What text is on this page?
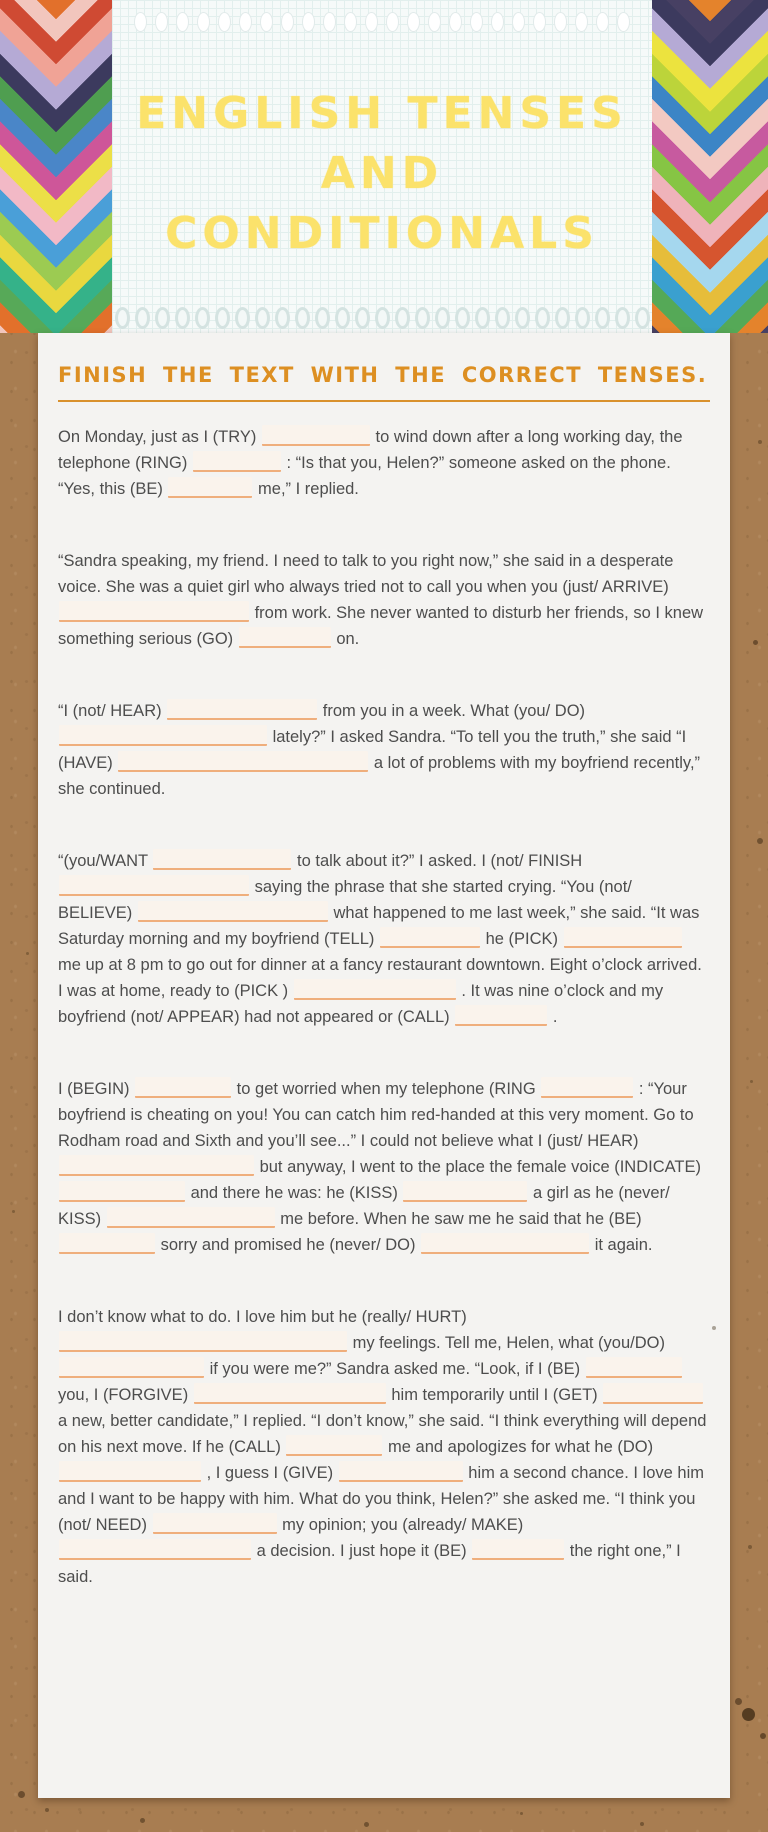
ENGLISH TENSES AND
CONDITIONALS
FINISH THE TEXT WITH THE CORRECT TENSES.

On Monday, just as I (TRY)	to wind down after a long working day, the telephone (RING)	: “Is that you, Helen?” someone asked on the phone. “Yes, this (BE)	me,” I replied.

“Sandra speaking, my friend. I need to talk to you right now,” she said in a desperate voice. She was a quiet girl who always tried not to call you when you (just/ ARRIVE)  from work. She never wanted to disturb her friends, so I knew something serious (GO)	on.

“I (not/ HEAR)	from you in a week. What (you/ DO)  lately?” I asked Sandra. “To tell you the truth,” she said “I (HAVE)	a lot of problems with my boyfriend recently,” she continued.

“(you/WANT	to talk about it?” I asked. I (not/ FINISH  saying the phrase that she started crying. “You (not/ BELIEVE)	what happened to me last week,” she said. “It was Saturday morning and my boyfriend (TELL)	he (PICK)  me up at 8 pm to go out for dinner at a fancy restaurant downtown. Eight o’clock arrived. I was at home, ready to (PICK )	. It was nine o’clock and my boyfriend (not/ APPEAR) had not appeared or (CALL)	.

I (BEGIN)	to get worried when my telephone (RING	: “Your boyfriend is cheating on you! You can catch him red-handed at this very moment. Go to Rodham road and Sixth and you’ll see...” I could not believe what I (just/ HEAR)  but anyway, I went to the place the female voice (INDICATE)  and there he was: he (KISS)	a girl as he (never/ KISS)	me before. When he saw me he said that he (BE)  sorry and promised he (never/ DO)	it again.

I don’t know what to do. I love him but he (really/ HURT)  my feelings. Tell me, Helen, what (you/DO)  if you were me?” Sandra asked me. “Look, if I (BE)  you, I (FORGIVE)	him temporarily until I (GET)  a new, better candidate,” I replied. “I don’t know,” she said. “I think everything will depend on his next move. If he (CALL)	me and apologizes for what he (DO)  , I guess I (GIVE)	him a second chance. I love him and I want to be happy with him. What do you think, Helen?” she asked me. “I think you (not/ NEED)	my opinion; you (already/ MAKE)  a decision. I just hope it (BE)	the right one,” I said.
